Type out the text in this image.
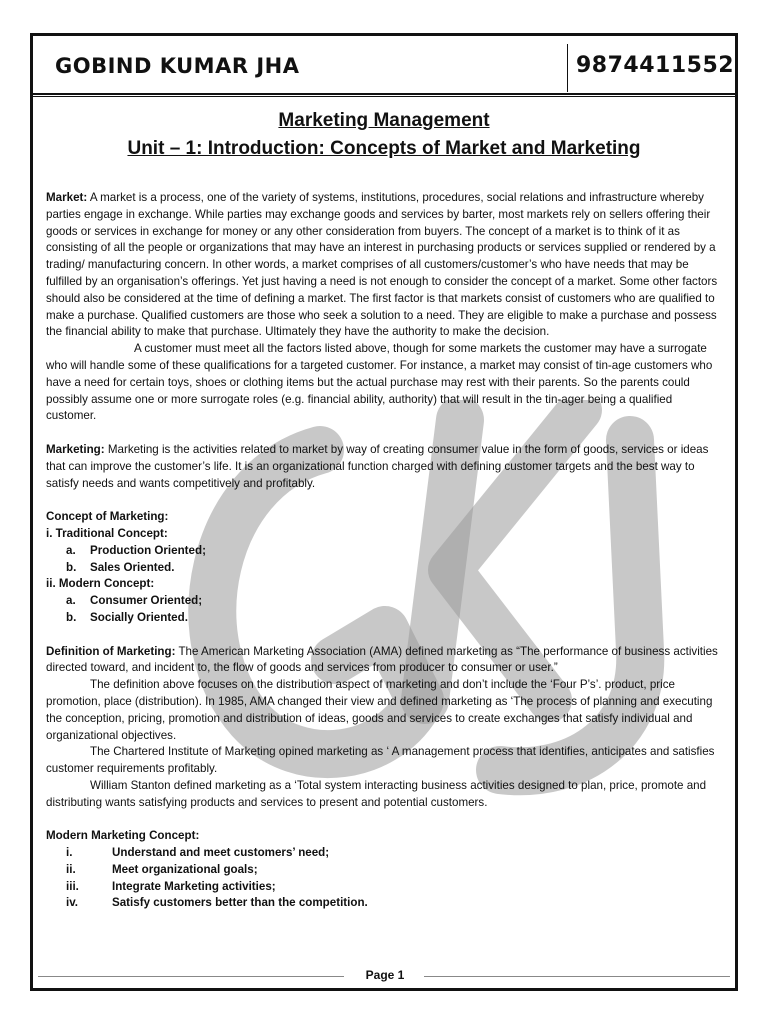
GOBIND KUMAR JHA	9874411552
Marketing Management
Unit – 1: Introduction: Concepts of Market and Marketing

Market: A market is a process, one of the variety of systems, institutions, procedures, social relations and infrastructure whereby parties engage in exchange. While parties may exchange goods and services by barter, most markets rely on sellers offering their goods or services in exchange for money or any other consideration from buyers. The concept of a market is to think of it as consisting of all the people or organizations that may have an interest in purchasing products or services supplied or rendered by a trading/ manufacturing concern. In other words, a market comprises of all customers/customer’s who have needs that may be fulfilled by an organisation’s offerings. Yet just having a need is not enough to consider the concept of a market. Some other factors should also be considered at the time of defining a market. The first factor is that markets consist of customers who are qualified to make a purchase. Qualified customers are those who seek a solution to a need. They are eligible to make a purchase and possess the financial ability to make that purchase. Ultimately they have the authority to make the decision.

A customer must meet all the factors listed above, though for some markets the customer may have a surrogate who will handle some of these qualifications for a targeted customer. For instance, a market may consist of tin-age customers who have a need for certain toys, shoes or clothing items but the actual purchase may rest with their parents. So the parents could possibly assume one or more surrogate roles (e.g. financial ability, authority) that will result in the tin-ager being a qualified customer.

Marketing: Marketing is the activities related to market by way of creating consumer value in the form of goods, services or ideas that can improve the customer’s life. It is an organizational function charged with defining customer targets and the best way to satisfy needs and wants competitively and profitably.

Concept of Marketing:

i. Traditional Concept:

a. Production Oriented;

b. Sales Oriented.

ii. Modern Concept:

a. Consumer Oriented;

b. Socially Oriented.

Definition of Marketing: The American Marketing Association (AMA) defined marketing as “The performance of business activities directed toward, and incident to, the flow of goods and services from producer to consumer or user.”

The definition above focuses on the distribution aspect of marketing and don’t include the ‘Four P’s’. product, price promotion, place (distribution). In 1985, AMA changed their view and defined marketing as ‘The process of planning and executing the conception, pricing, promotion and distribution of ideas, goods and services to create exchanges that satisfy individual and organizational objectives.

The Chartered Institute of Marketing opined marketing as ‘ A management process that identifies, anticipates and satisfies customer requirements profitably.

William Stanton defined marketing as a ‘Total system interacting business activities designed to plan, price, promote and distributing wants satisfying products and services to present and potential customers.

Modern Marketing Concept:

i.	Understand and meet customers’ need;

ii.	Meet organizational goals;

iii.	Integrate Marketing activities;

iv.	Satisfy customers better than the competition.

Page 1
